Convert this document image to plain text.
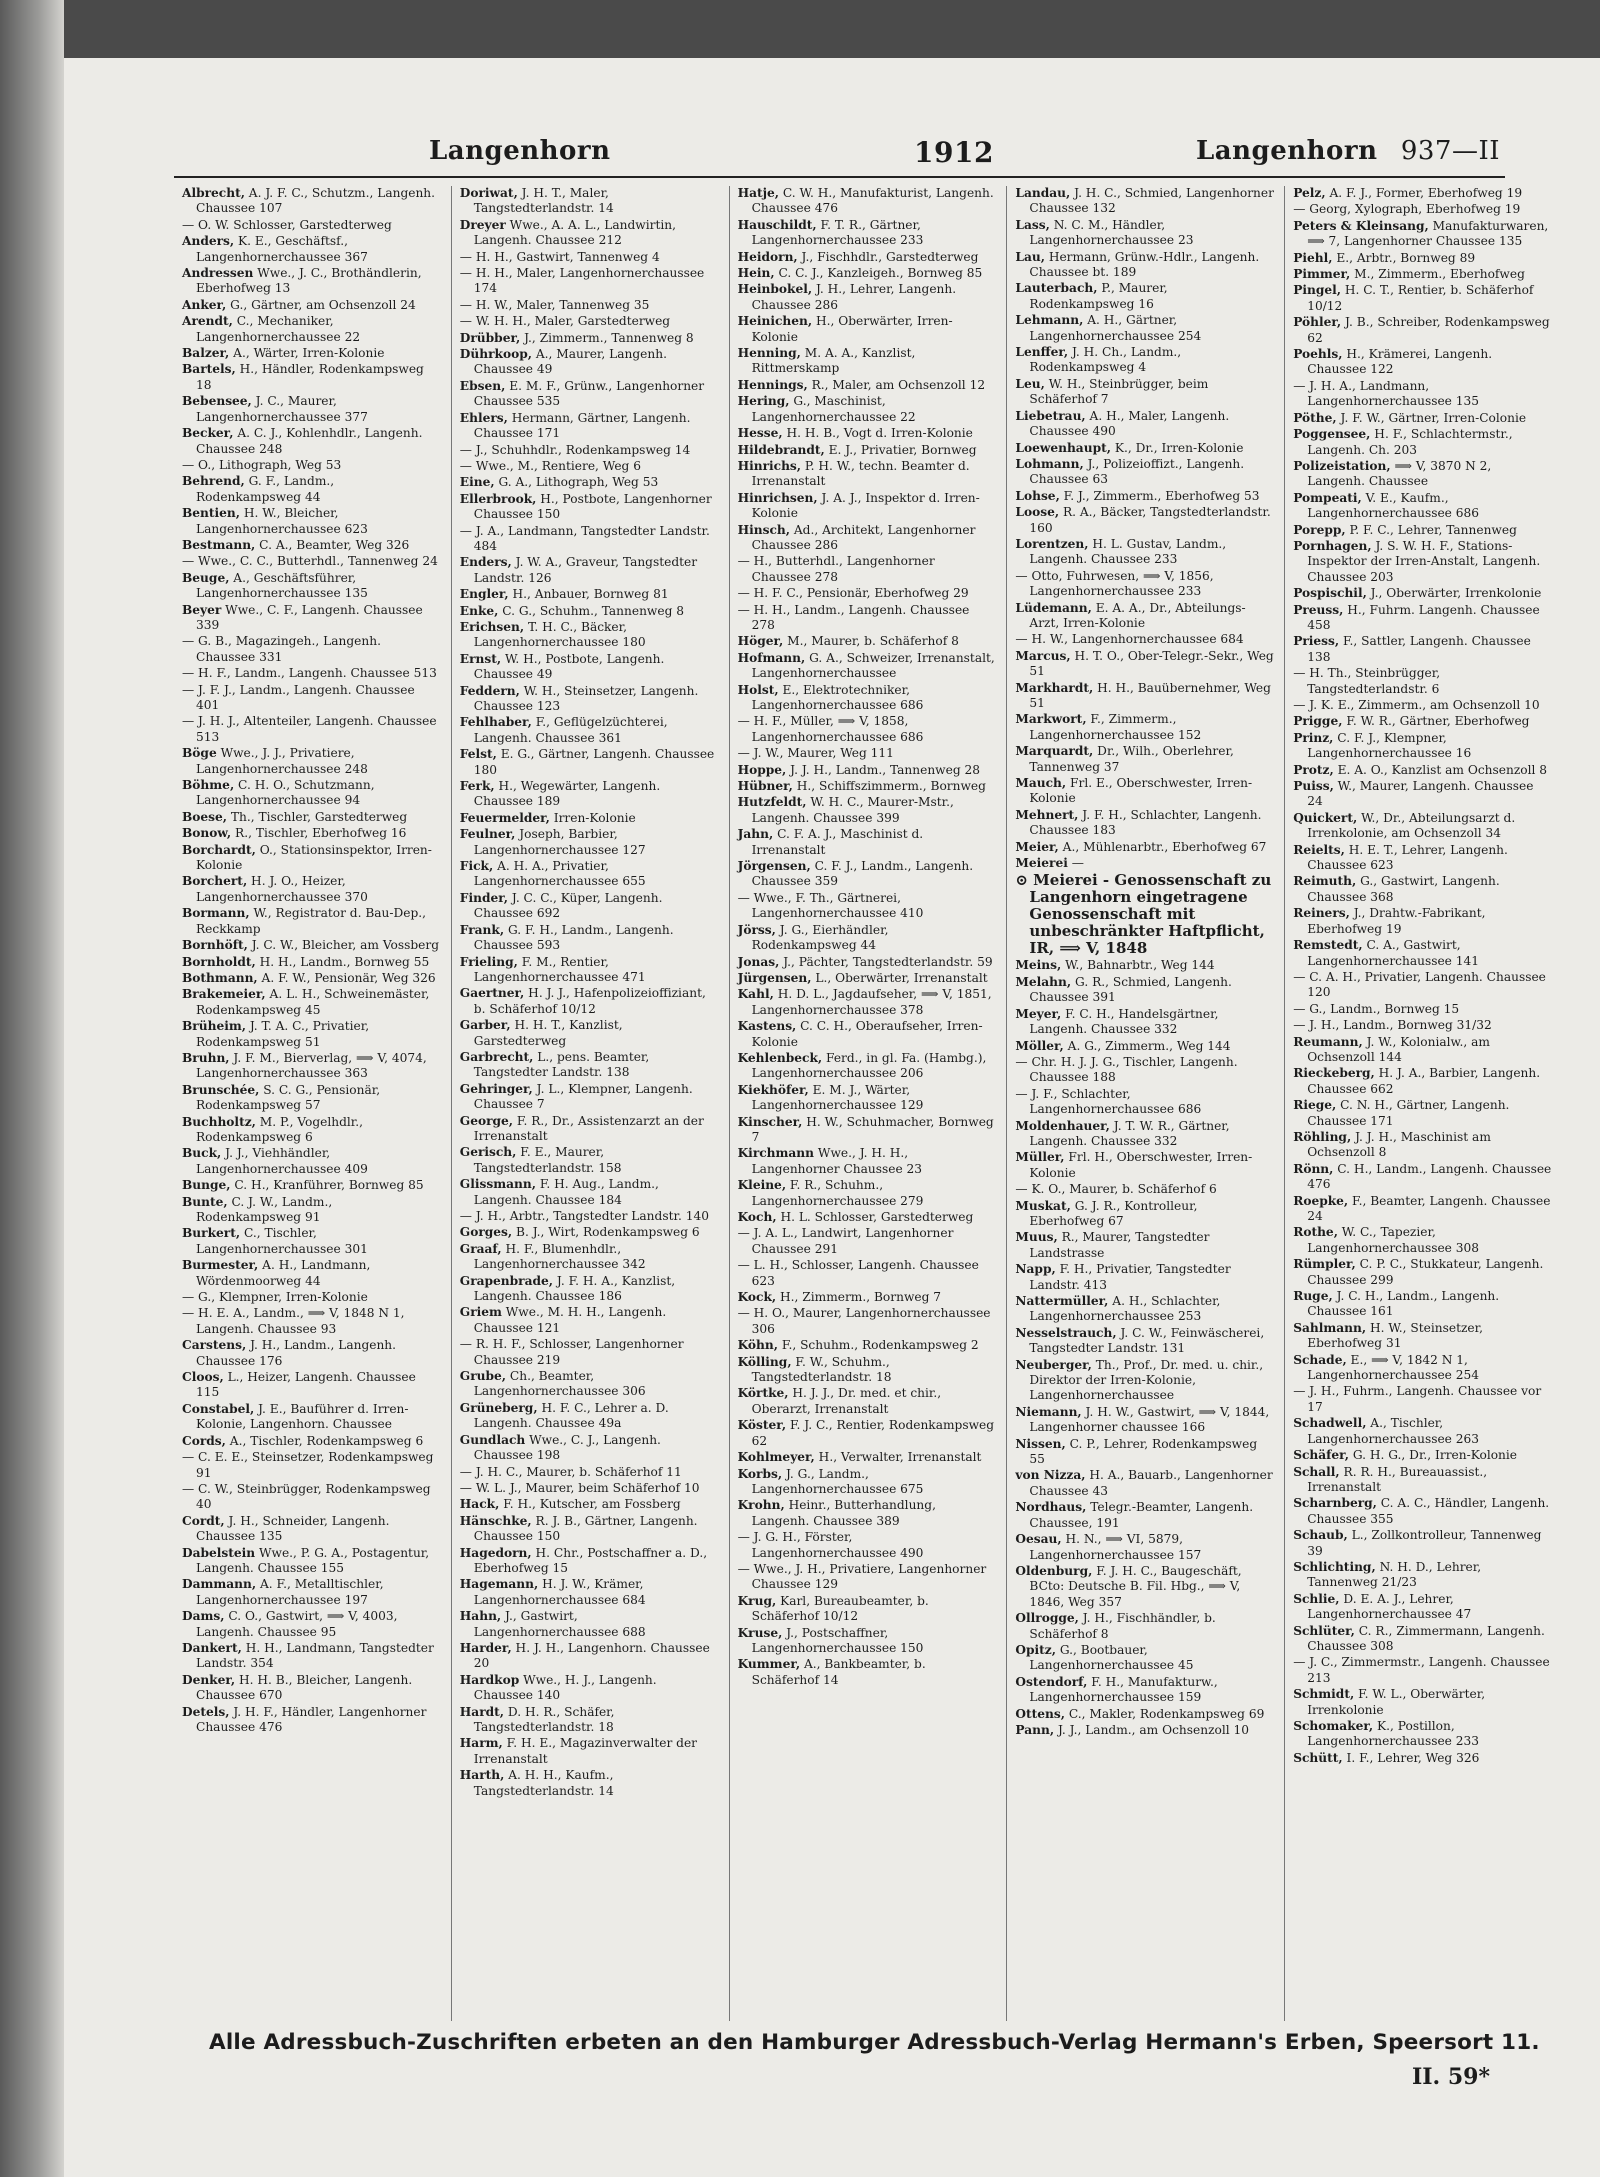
Langenhorn	1912	Langenhorn 937—II
Albrecht, A. J. F. C., Schutzm., Langenh. Chaussee 107
— O. W. Schlosser, Garstedterweg
Anders, K. E., Geschäftsf., Langenhornerchaussee 367
Andressen Wwe., J. C., Brothändlerin, Eberhofweg 13
Anker, G., Gärtner, am Ochsenzoll 24
Arendt, C., Mechaniker, Langenhornerchaussee 22
Balzer, A., Wärter, Irren-Kolonie
Bartels, H., Händler, Rodenkampsweg 18
Bebensee, J. C., Maurer, Langenhornerchaussee 377
Becker, A. C. J., Kohlenhdlr., Langenh. Chaussee 248
— O., Lithograph, Weg 53
Behrend, G. F., Landm., Rodenkampsweg 44
Bentien, H. W., Bleicher, Langenhornerchaussee 623
Bestmann, C. A., Beamter, Weg 326
— Wwe., C. C., Butterhdl., Tannenweg 24
Beuge, A., Geschäftsführer, Langenhornerchaussee 135
Beyer Wwe., C. F., Langenh. Chaussee 339
— G. B., Magazingeh., Langenh. Chaussee 331
— H. F., Landm., Langenh. Chaussee 513
— J. F. J., Landm., Langenh. Chaussee 401
— J. H. J., Altenteiler, Langenh. Chaussee 513
Böge Wwe., J. J., Privatiere, Langenhornerchaussee 248
Böhme, C. H. O., Schutzmann, Langenhornerchaussee 94
Boese, Th., Tischler, Garstedterweg
Bonow, R., Tischler, Eberhofweg 16
Borchardt, O., Stationsinspektor, Irren-Kolonie
Borchert, H. J. O., Heizer, Langenhornerchaussee 370
Bormann, W., Registrator d. Bau-Dep., Reckkamp
Bornhöft, J. C. W., Bleicher, am Vossberg
Bornholdt, H. H., Landm., Bornweg 55
Bothmann, A. F. W., Pensionär, Weg 326
Brakemeier, A. L. H., Schweinemäster, Rodenkampsweg 45
Brüheim, J. T. A. C., Privatier, Rodenkampsweg 51
Bruhn, J. F. M., Bierverlag, ⟹ V, 4074, Langenhornerchaussee 363
Brunschée, S. C. G., Pensionär, Rodenkampsweg 57
Buchholtz, M. P., Vogelhdlr., Rodenkampsweg 6
Buck, J. J., Viehhändler, Langenhornerchaussee 409
Bunge, C. H., Kranführer, Bornweg 85
Bunte, C. J. W., Landm., Rodenkampsweg 91
Burkert, C., Tischler, Langenhornerchaussee 301
Burmester, A. H., Landmann, Wördenmoorweg 44
— G., Klempner, Irren-Kolonie
— H. E. A., Landm., ⟹ V, 1848 N 1, Langenh. Chaussee 93
Carstens, J. H., Landm., Langenh. Chaussee 176
Cloos, L., Heizer, Langenh. Chaussee 115
Constabel, J. E., Bauführer d. Irren-Kolonie, Langenhorn. Chaussee
Cords, A., Tischler, Rodenkampsweg 6
— C. E. E., Steinsetzer, Rodenkampsweg 91
— C. W., Steinbrügger, Rodenkampsweg 40
Cordt, J. H., Schneider, Langenh. Chaussee 135
Dabelstein Wwe., P. G. A., Postagentur, Langenh. Chaussee 155
Dammann, A. F., Metalltischler, Langenhornerchaussee 197
Dams, C. O., Gastwirt, ⟹ V, 4003, Langenh. Chaussee 95
Dankert, H. H., Landmann, Tangstedter Landstr. 354
Denker, H. H. B., Bleicher, Langenh. Chaussee 670
Detels, J. H. F., Händler, Langenhorner Chaussee 476
Doriwat, J. H. T., Maler, Tangstedterlandstr. 14
Dreyer Wwe., A. A. L., Landwirtin, Langenh. Chaussee 212
— H. H., Gastwirt, Tannenweg 4
— H. H., Maler, Langenhornerchaussee 174
— H. W., Maler, Tannenweg 35
— W. H. H., Maler, Garstedterweg
Drübber, J., Zimmerm., Tannenweg 8
Dührkoop, A., Maurer, Langenh. Chaussee 49
Ebsen, E. M. F., Grünw., Langenhorner Chaussee 535
Ehlers, Hermann, Gärtner, Langenh. Chaussee 171
— J., Schuhhdlr., Rodenkampsweg 14
— Wwe., M., Rentiere, Weg 6
Eine, G. A., Lithograph, Weg 53
Ellerbrook, H., Postbote, Langenhorner Chaussee 150
— J. A., Landmann, Tangstedter Landstr. 484
Enders, J. W. A., Graveur, Tangstedter Landstr. 126
Engler, H., Anbauer, Bornweg 81
Enke, C. G., Schuhm., Tannenweg 8
Erichsen, T. H. C., Bäcker, Langenhornerchaussee 180
Ernst, W. H., Postbote, Langenh. Chaussee 49
Feddern, W. H., Steinsetzer, Langenh. Chaussee 123
Fehlhaber, F., Geflügelzüchterei, Langenh. Chaussee 361
Felst, E. G., Gärtner, Langenh. Chaussee 180
Ferk, H., Wegewärter, Langenh. Chaussee 189
Feuermelder, Irren-Kolonie
Feulner, Joseph, Barbier, Langenhornerchaussee 127
Fick, A. H. A., Privatier, Langenhornerchaussee 655
Finder, J. C. C., Küper, Langenh. Chaussee 692
Frank, G. F. H., Landm., Langenh. Chaussee 593
Frieling, F. M., Rentier, Langenhornerchaussee 471
Gaertner, H. J. J., Hafenpolizeioffiziant, b. Schäferhof 10/12
Garber, H. H. T., Kanzlist, Garstedterweg
Garbrecht, L., pens. Beamter, Tangstedter Landstr. 138
Gehringer, J. L., Klempner, Langenh. Chaussee 7
George, F. R., Dr., Assistenzarzt an der Irrenanstalt
Gerisch, F. E., Maurer, Tangstedterlandstr. 158
Glissmann, F. H. Aug., Landm., Langenh. Chaussee 184
— J. H., Arbtr., Tangstedter Landstr. 140
Gorges, B. J., Wirt, Rodenkampsweg 6
Graaf, H. F., Blumenhdlr., Langenhornerchaussee 342
Grapenbrade, J. F. H. A., Kanzlist, Langenh. Chaussee 186
Griem Wwe., M. H. H., Langenh. Chaussee 121
— R. H. F., Schlosser, Langenhorner Chaussee 219
Grube, Ch., Beamter, Langenhornerchaussee 306
Grüneberg, H. F. C., Lehrer a. D. Langenh. Chaussee 49a
Gundlach Wwe., C. J., Langenh. Chaussee 198
— J. H. C., Maurer, b. Schäferhof 11
— W. L. J., Maurer, beim Schäferhof 10
Hack, F. H., Kutscher, am Fossberg
Hänschke, R. J. B., Gärtner, Langenh. Chaussee 150
Hagedorn, H. Chr., Postschaffner a. D., Eberhofweg 15
Hagemann, H. J. W., Krämer, Langenhornerchaussee 684
Hahn, J., Gastwirt, Langenhornerchaussee 688
Harder, H. J. H., Langenhorn. Chaussee 20
Hardkop Wwe., H. J., Langenh. Chaussee 140
Hardt, D. H. R., Schäfer, Tangstedterlandstr. 18
Harm, F. H. E., Magazinverwalter der Irrenanstalt
Harth, A. H. H., Kaufm., Tangstedterlandstr. 14
Hatje, C. W. H., Manufakturist, Langenh. Chaussee 476
Hauschildt, F. T. R., Gärtner, Langenhornerchaussee 233
Heidorn, J., Fischhdlr., Garstedterweg
Hein, C. C. J., Kanzleigeh., Bornweg 85
Heinbokel, J. H., Lehrer, Langenh. Chaussee 286
Heinichen, H., Oberwärter, Irren-Kolonie
Henning, M. A. A., Kanzlist, Rittmerskamp
Hennings, R., Maler, am Ochsenzoll 12
Hering, G., Maschinist, Langenhornerchaussee 22
Hesse, H. H. B., Vogt d. Irren-Kolonie
Hildebrandt, E. J., Privatier, Bornweg
Hinrichs, P. H. W., techn. Beamter d. Irrenanstalt
Hinrichsen, J. A. J., Inspektor d. Irren-Kolonie
Hinsch, Ad., Architekt, Langenhorner Chaussee 286
— H., Butterhdl., Langenhorner Chaussee 278
— H. F. C., Pensionär, Eberhofweg 29
— H. H., Landm., Langenh. Chaussee 278
Höger, M., Maurer, b. Schäferhof 8
Hofmann, G. A., Schweizer, Irrenanstalt, Langenhornerchaussee
Holst, E., Elektrotechniker, Langenhornerchaussee 686
— H. F., Müller, ⟹ V, 1858, Langenhornerchaussee 686
— J. W., Maurer, Weg 111
Hoppe, J. J. H., Landm., Tannenweg 28
Hübner, H., Schiffszimmerm., Bornweg
Hutzfeldt, W. H. C., Maurer-Mstr., Langenh. Chaussee 399
Jahn, C. F. A. J., Maschinist d. Irrenanstalt
Jörgensen, C. F. J., Landm., Langenh. Chaussee 359
— Wwe., F. Th., Gärtnerei, Langenhornerchaussee 410
Jörss, J. G., Eierhändler, Rodenkampsweg 44
Jonas, J., Pächter, Tangstedterlandstr. 59
Jürgensen, L., Oberwärter, Irrenanstalt
Kahl, H. D. L., Jagdaufseher, ⟹ V, 1851, Langenhornerchaussee 378
Kastens, C. C. H., Oberaufseher, Irren-Kolonie
Kehlenbeck, Ferd., in gl. Fa. (Hambg.), Langenhornerchaussee 206
Kiekhöfer, E. M. J., Wärter, Langenhornerchaussee 129
Kinscher, H. W., Schuhmacher, Bornweg 7
Kirchmann Wwe., J. H. H., Langenhorner Chaussee 23
Kleine, F. R., Schuhm., Langenhornerchaussee 279
Koch, H. L. Schlosser, Garstedterweg
— J. A. L., Landwirt, Langenhorner Chaussee 291
— L. H., Schlosser, Langenh. Chaussee 623
Kock, H., Zimmerm., Bornweg 7
— H. O., Maurer, Langenhornerchaussee 306
Köhn, F., Schuhm., Rodenkampsweg 2
Kölling, F. W., Schuhm., Tangstedterlandstr. 18
Körtke, H. J. J., Dr. med. et chir., Oberarzt, Irrenanstalt
Köster, F. J. C., Rentier, Rodenkampsweg 62
Kohlmeyer, H., Verwalter, Irrenanstalt
Korbs, J. G., Landm., Langenhornerchaussee 675
Krohn, Heinr., Butterhandlung, Langenh. Chaussee 389
— J. G. H., Förster, Langenhornerchaussee 490
— Wwe., J. H., Privatiere, Langenhorner Chaussee 129
Krug, Karl, Bureaubeamter, b. Schäferhof 10/12
Kruse, J., Postschaffner, Langenhornerchaussee 150
Kummer, A., Bankbeamter, b. Schäferhof 14
Landau, J. H. C., Schmied, Langenhorner Chaussee 132
Lass, N. C. M., Händler, Langenhornerchaussee 23
Lau, Hermann, Grünw.-Hdlr., Langenh. Chaussee bt. 189
Lauterbach, P., Maurer, Rodenkampsweg 16
Lehmann, A. H., Gärtner, Langenhornerchaussee 254
Lenffer, J. H. Ch., Landm., Rodenkampsweg 4
Leu, W. H., Steinbrügger, beim Schäferhof 7
Liebetrau, A. H., Maler, Langenh. Chaussee 490
Loewenhaupt, K., Dr., Irren-Kolonie
Lohmann, J., Polizeioffizt., Langenh. Chaussee 63
Lohse, F. J., Zimmerm., Eberhofweg 53
Loose, R. A., Bäcker, Tangstedterlandstr. 160
Lorentzen, H. L. Gustav, Landm., Langenh. Chaussee 233
— Otto, Fuhrwesen, ⟹ V, 1856, Langenhornerchaussee 233
Lüdemann, E. A. A., Dr., Abteilungs-Arzt, Irren-Kolonie
— H. W., Langenhornerchaussee 684
Marcus, H. T. O., Ober-Telegr.-Sekr., Weg 51
Markhardt, H. H., Bauübernehmer, Weg 51
Markwort, F., Zimmerm., Langenhornerchaussee 152
Marquardt, Dr., Wilh., Oberlehrer, Tannenweg 37
Mauch, Frl. E., Oberschwester, Irren-Kolonie
Mehnert, J. F. H., Schlachter, Langenh. Chaussee 183
Meier, A., Mühlenarbtr., Eberhofweg 67
Meierei —
⊙ Meierei - Genossenschaft zu Langenhorn eingetragene Genossenschaft mit unbeschränkter Haftpflicht, IR, ⟹ V, 1848
Meins, W., Bahnarbtr., Weg 144
Melahn, G. R., Schmied, Langenh. Chaussee 391
Meyer, F. C. H., Handelsgärtner, Langenh. Chaussee 332
Möller, A. G., Zimmerm., Weg 144
— Chr. H. J. J. G., Tischler, Langenh. Chaussee 188
— J. F., Schlachter, Langenhornerchaussee 686
Moldenhauer, J. T. W. R., Gärtner, Langenh. Chaussee 332
Müller, Frl. H., Oberschwester, Irren-Kolonie
— K. O., Maurer, b. Schäferhof 6
Muskat, G. J. R., Kontrolleur, Eberhofweg 67
Muus, R., Maurer, Tangstedter Landstrasse
Napp, F. H., Privatier, Tangstedter Landstr. 413
Nattermüller, A. H., Schlachter, Langenhornerchaussee 253
Nesselstrauch, J. C. W., Feinwäscherei, Tangstedter Landstr. 131
Neuberger, Th., Prof., Dr. med. u. chir., Direktor der Irren-Kolonie, Langenhornerchaussee
Niemann, J. H. W., Gastwirt, ⟹ V, 1844, Langenhorner chaussee 166
Nissen, C. P., Lehrer, Rodenkampsweg 55
von Nizza, H. A., Bauarb., Langenhorner Chaussee 43
Nordhaus, Telegr.-Beamter, Langenh. Chaussee, 191
Oesau, H. N., ⟹ VI, 5879, Langenhornerchaussee 157
Oldenburg, F. J. H. C., Baugeschäft, BCto: Deutsche B. Fil. Hbg., ⟹ V, 1846, Weg 357
Ollrogge, J. H., Fischhändler, b. Schäferhof 8
Opitz, G., Bootbauer, Langenhornerchaussee 45
Ostendorf, F. H., Manufakturw., Langenhornerchaussee 159
Ottens, C., Makler, Rodenkampsweg 69
Pann, J. J., Landm., am Ochsenzoll 10
Pelz, A. F. J., Former, Eberhofweg 19
— Georg, Xylograph, Eberhofweg 19
Peters & Kleinsang, Manufakturwaren, ⟹ 7, Langenhorner Chaussee 135
Piehl, E., Arbtr., Bornweg 89
Pimmer, M., Zimmerm., Eberhofweg
Pingel, H. C. T., Rentier, b. Schäferhof 10/12
Pöhler, J. B., Schreiber, Rodenkampsweg 62
Poehls, H., Krämerei, Langenh. Chaussee 122
— J. H. A., Landmann, Langenhornerchaussee 135
Pöthe, J. F. W., Gärtner, Irren-Colonie
Poggensee, H. F., Schlachtermstr., Langenh. Ch. 203
Polizeistation, ⟹ V, 3870 N 2, Langenh. Chaussee
Pompeati, V. E., Kaufm., Langenhornerchaussee 686
Porepp, P. F. C., Lehrer, Tannenweg
Pornhagen, J. S. W. H. F., Stations-Inspektor der Irren-Anstalt, Langenh. Chaussee 203
Pospischil, J., Oberwärter, Irrenkolonie
Preuss, H., Fuhrm. Langenh. Chaussee 458
Priess, F., Sattler, Langenh. Chaussee 138
— H. Th., Steinbrügger, Tangstedterlandstr. 6
— J. K. E., Zimmerm., am Ochsenzoll 10
Prigge, F. W. R., Gärtner, Eberhofweg
Prinz, C. F. J., Klempner, Langenhornerchaussee 16
Protz, E. A. O., Kanzlist am Ochsenzoll 8
Puiss, W., Maurer, Langenh. Chaussee 24
Quickert, W., Dr., Abteilungsarzt d. Irrenkolonie, am Ochsenzoll 34
Reielts, H. E. T., Lehrer, Langenh. Chaussee 623
Reimuth, G., Gastwirt, Langenh. Chaussee 368
Reiners, J., Drahtw.-Fabrikant, Eberhofweg 19
Remstedt, C. A., Gastwirt, Langenhornerchaussee 141
— C. A. H., Privatier, Langenh. Chaussee 120
— G., Landm., Bornweg 15
— J. H., Landm., Bornweg 31/32
Reumann, J. W., Kolonialw., am Ochsenzoll 144
Rieckeberg, H. J. A., Barbier, Langenh. Chaussee 662
Riege, C. N. H., Gärtner, Langenh. Chaussee 171
Röhling, J. J. H., Maschinist am Ochsenzoll 8
Rönn, C. H., Landm., Langenh. Chaussee 476
Roepke, F., Beamter, Langenh. Chaussee 24
Rothe, W. C., Tapezier, Langenhornerchaussee 308
Rümpler, C. P. C., Stukkateur, Langenh. Chaussee 299
Ruge, J. C. H., Landm., Langenh. Chaussee 161
Sahlmann, H. W., Steinsetzer, Eberhofweg 31
Schade, E., ⟹ V, 1842 N 1, Langenhornerchaussee 254
— J. H., Fuhrm., Langenh. Chaussee vor 17
Schadwell, A., Tischler, Langenhornerchaussee 263
Schäfer, G. H. G., Dr., Irren-Kolonie
Schall, R. R. H., Bureauassist., Irrenanstalt
Scharnberg, C. A. C., Händler, Langenh. Chaussee 355
Schaub, L., Zollkontrolleur, Tannenweg 39
Schlichting, N. H. D., Lehrer, Tannenweg 21/23
Schlie, D. E. A. J., Lehrer, Langenhornerchaussee 47
Schlüter, C. R., Zimmermann, Langenh. Chaussee 308
— J. C., Zimmermstr., Langenh. Chaussee 213
Schmidt, F. W. L., Oberwärter, Irrenkolonie
Schomaker, K., Postillon, Langenhornerchaussee 233
Schütt, I. F., Lehrer, Weg 326
Alle Adressbuch-Zuschriften erbeten an den Hamburger Adressbuch-Verlag Hermann's Erben, Speersort 11.
II. 59*
